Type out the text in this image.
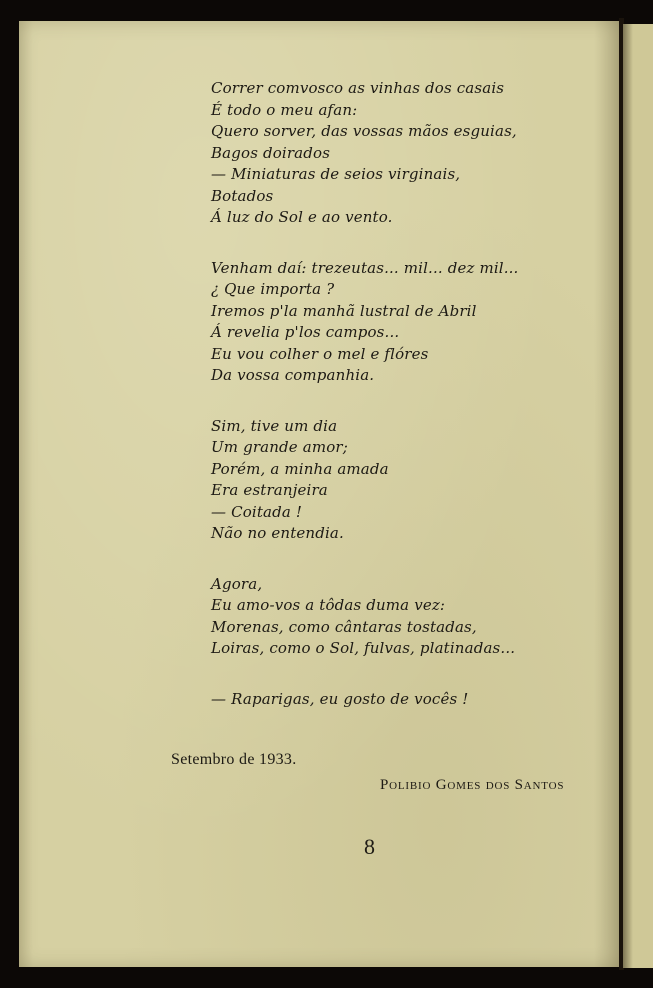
Correr comvosco as vinhas dos casais
É todo o meu afan:
Quero sorver, das vossas mãos esguias,
Bagos doirados
— Miniaturas de seios virginais,
Botados
Á luz do Sol e ao vento.
Venham daí: trezeutas... mil... dez mil...
¿ Que importa ?
Iremos p'la manhã lustral de Abril
Á revelia p'los campos...
Eu vou colher o mel e flóres
Da vossa companhia.
Sim, tive um dia
Um grande amor;
Porém, a minha amada
Era estranjeira
— Coitada !
Não no entendia.
Agora,
Eu amo-vos a tôdas duma vez:
Morenas, como cântaras tostadas,
Loiras, como o Sol, fulvas, platinadas...
— Raparigas, eu gosto de vocês !
Setembro de 1933.
Polibio Gomes dos Santos
8
